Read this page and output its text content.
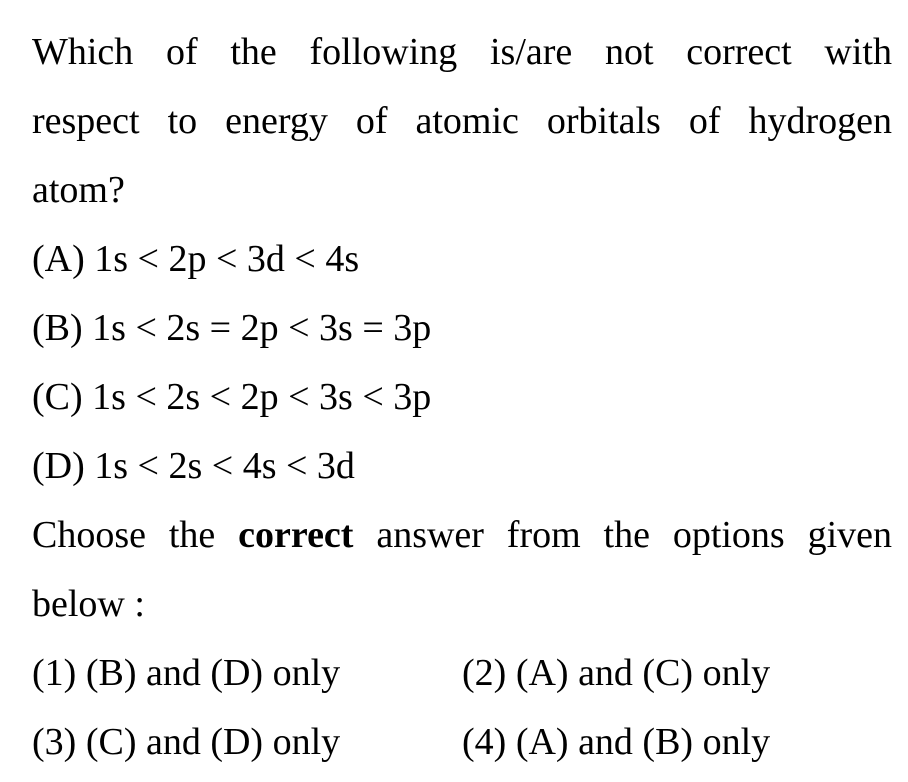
Which of the following is/are not correct with
respect to energy of atomic orbitals of hydrogen
atom?
(A) 1s < 2p < 3d < 4s
(B) 1s < 2s = 2p < 3s = 3p
(C) 1s < 2s < 2p < 3s < 3p
(D) 1s < 2s < 4s < 3d
Choose the correct answer from the options given
below :
(1) (B) and (D) only	(2) (A) and (C) only
(3) (C) and (D) only	(4) (A) and (B) only
